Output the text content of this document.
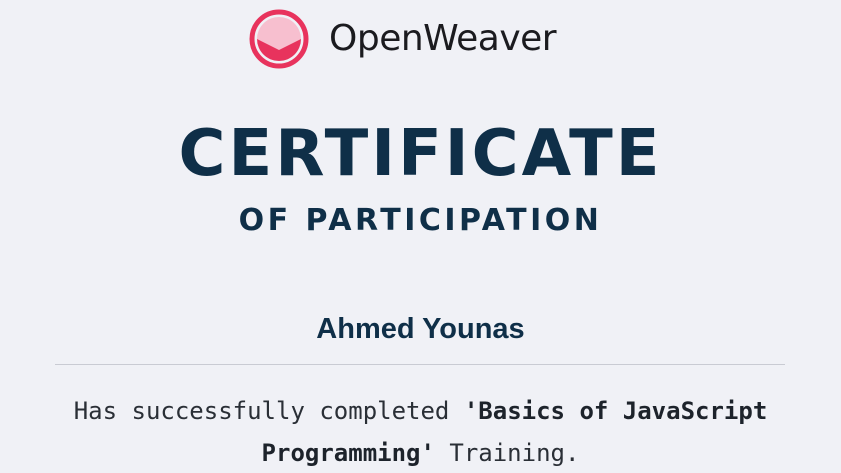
OpenWeaver
CERTIFICATE
OF PARTICIPATION
Ahmed Younas
Has successfully completed 'Basics of JavaScript Programming' Training.
